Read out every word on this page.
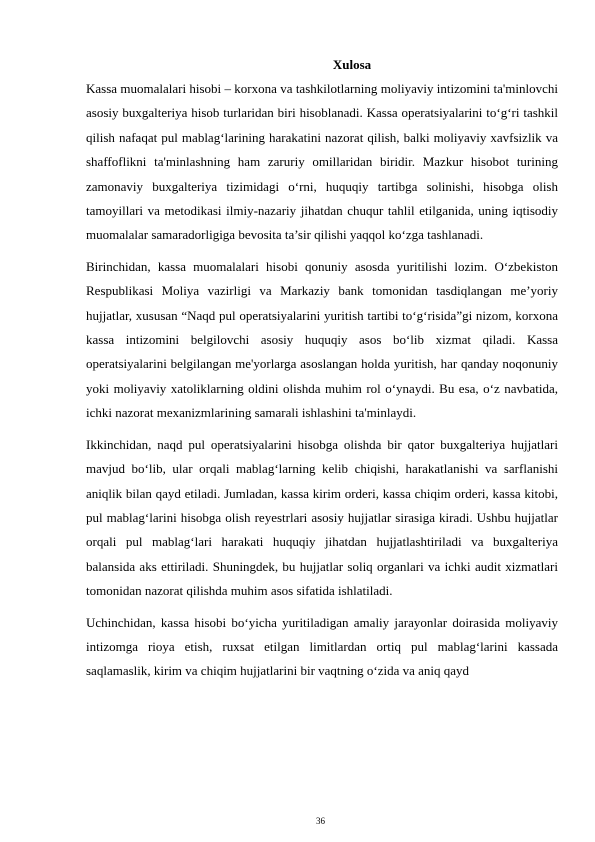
Xulosa

Kassa muomalalari hisobi – korxona va tashkilotlarning moliyaviy intizomini ta'minlovchi asosiy buxgalteriya hisob turlaridan biri hisoblanadi. Kassa operatsiyalarini to‘g‘ri tashkil qilish nafaqat pul mablag‘larining harakatini nazorat qilish, balki moliyaviy xavfsizlik va shaffoflikni ta'minlashning ham zaruriy omillaridan biridir. Mazkur hisobot turining zamonaviy buxgalteriya tizimidagi o‘rni, huquqiy tartibga solinishi, hisobga olish tamoyillari va metodikasi ilmiy-nazariy jihatdan chuqur tahlil etilganida, uning iqtisodiy muomalalar samaradorligiga bevosita ta’sir qilishi yaqqol ko‘zga tashlanadi.

Birinchidan, kassa muomalalari hisobi qonuniy asosda yuritilishi lozim. O‘zbekiston Respublikasi Moliya vazirligi va Markaziy bank tomonidan tasdiqlangan me’yoriy hujjatlar, xususan “Naqd pul operatsiyalarini yuritish tartibi to‘g‘risida”gi nizom, korxona kassa intizomini belgilovchi asosiy huquqiy asos bo‘lib xizmat qiladi. Kassa operatsiyalarini belgilangan me'yorlarga asoslangan holda yuritish, har qanday noqonuniy yoki moliyaviy xatoliklarning oldini olishda muhim rol o‘ynaydi. Bu esa, o‘z navbatida, ichki nazorat mexanizmlarining samarali ishlashini ta'minlaydi.

Ikkinchidan, naqd pul operatsiyalarini hisobga olishda bir qator buxgalteriya hujjatlari mavjud bo‘lib, ular orqali mablag‘larning kelib chiqishi, harakatlanishi va sarflanishi aniqlik bilan qayd etiladi. Jumladan, kassa kirim orderi, kassa chiqim orderi, kassa kitobi, pul mablag‘larini hisobga olish reyestrlari asosiy hujjatlar sirasiga kiradi. Ushbu hujjatlar orqali pul mablag‘lari harakati huquqiy jihatdan hujjatlashtiriladi va buxgalteriya balansida aks ettiriladi. Shuningdek, bu hujjatlar soliq organlari va ichki audit xizmatlari tomonidan nazorat qilishda muhim asos sifatida ishlatiladi.

Uchinchidan, kassa hisobi bo‘yicha yuritiladigan amaliy jarayonlar doirasida moliyaviy intizomga rioya etish, ruxsat etilgan limitlardan ortiq pul mablag‘larini kassada saqlamaslik, kirim va chiqim hujjatlarini bir vaqtning o‘zida va aniq qayd

36
